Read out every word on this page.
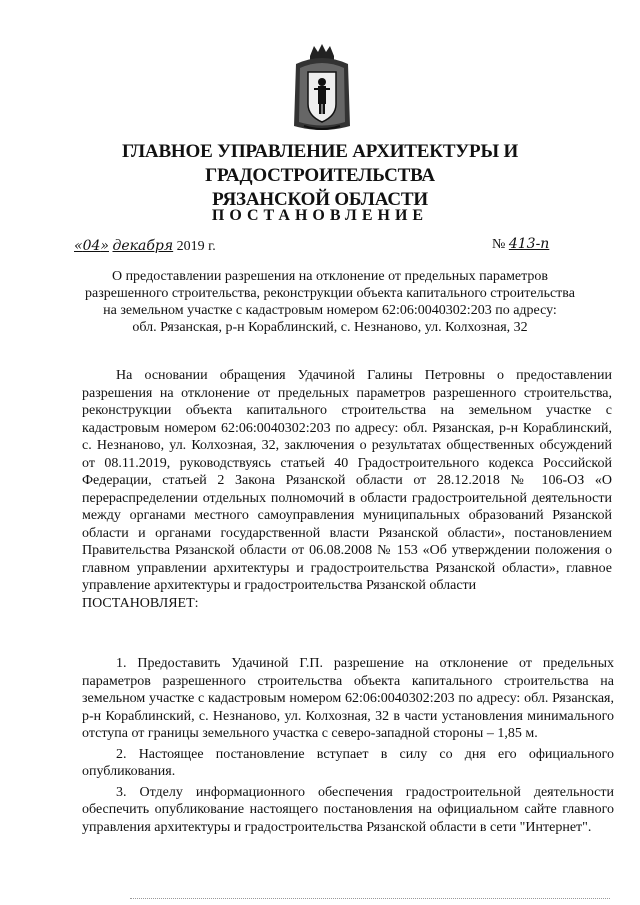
ГЛАВНОЕ УПРАВЛЕНИЕ АРХИТЕКТУРЫ И ГРАДОСТРОИТЕЛЬСТВА
РЯЗАНСКОЙ ОБЛАСТИ
ПОСТАНОВЛЕНИЕ
«04» декабря 2019 г.	№ 413-п
О предоставлении разрешения на отклонение от предельных параметров
разрешенного строительства, реконструкции объекта капитального строительства
на земельном участке с кадастровым номером 62:06:0040302:203 по адресу:
обл. Рязанская, р-н Кораблинский, с. Незнаново, ул. Колхозная, 32

На основании обращения Удачиной Галины Петровны о предоставлении разрешения на отклонение от предельных параметров разрешенного строительства, реконструкции объекта капитального строительства на земельном участке с кадастровым номером 62:06:0040302:203 по адресу: обл. Рязанская, р-н Кораблинский, с. Незнаново, ул. Колхозная, 32, заключения о результатах общественных обсуждений от 08.11.2019, руководствуясь статьей 40 Градостроительного кодекса Российской Федерации, статьей 2 Закона Рязанской области от 28.12.2018 № 106-ОЗ «О перераспределении отдельных полномочий в области градостроительной деятельности между органами местного самоуправления муниципальных образований Рязанской области и органами государственной власти Рязанской области», постановлением Правительства Рязанской области от 06.08.2008 № 153 «Об утверждении положения о главном управлении архитектуры и градостроительства Рязанской области», главное управление архитектуры и градостроительства Рязанской области

ПОСТАНОВЛЯЕТ:

1. Предоставить Удачиной Г.П. разрешение на отклонение от предельных параметров разрешенного строительства объекта капитального строительства на земельном участке с кадастровым номером 62:06:0040302:203 по адресу: обл. Рязанская, р-н Кораблинский, с. Незнаново, ул. Колхозная, 32 в части установления минимального отступа от границы земельного участка с северо-западной стороны – 1,85 м.

2. Настоящее постановление вступает в силу со дня его официального опубликования.

3. Отделу информационного обеспечения градостроительной деятельности обеспечить опубликование настоящего постановления на официальном сайте главного управления архитектуры и градостроительства Рязанской области в сети "Интернет".
